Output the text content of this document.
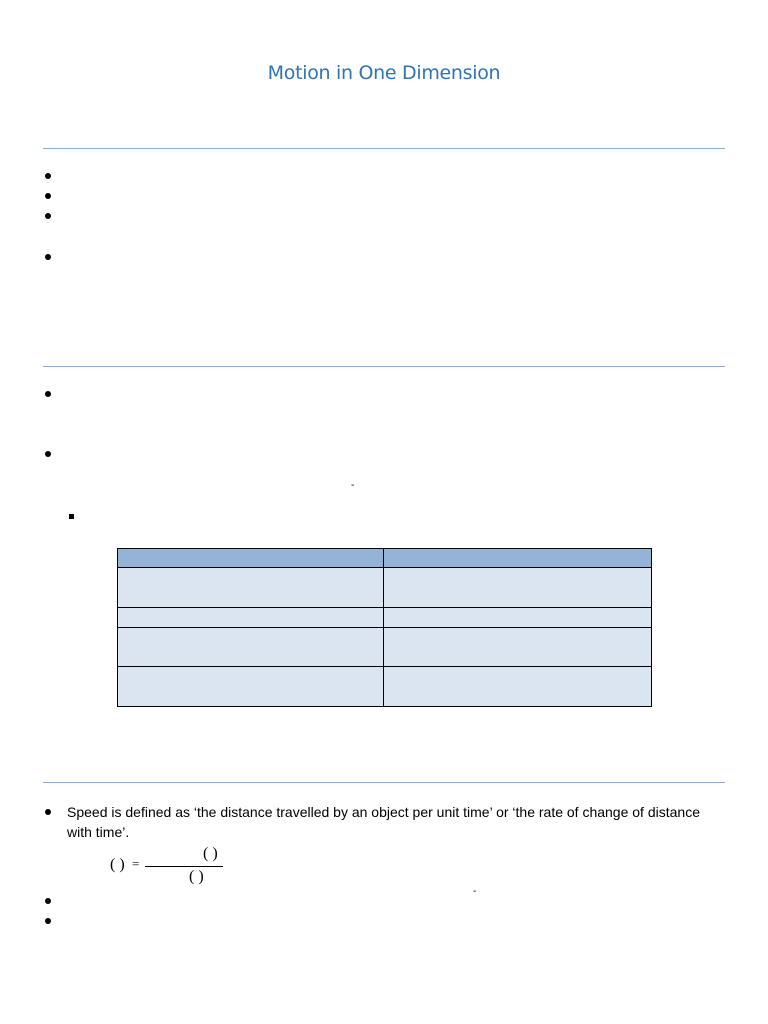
Motion in One Dimension
-

Speed is defined as ‘the distance travelled by an object per unit time’ or ‘the rate of change of distance with time’.
( ) =
( )
( )
-
